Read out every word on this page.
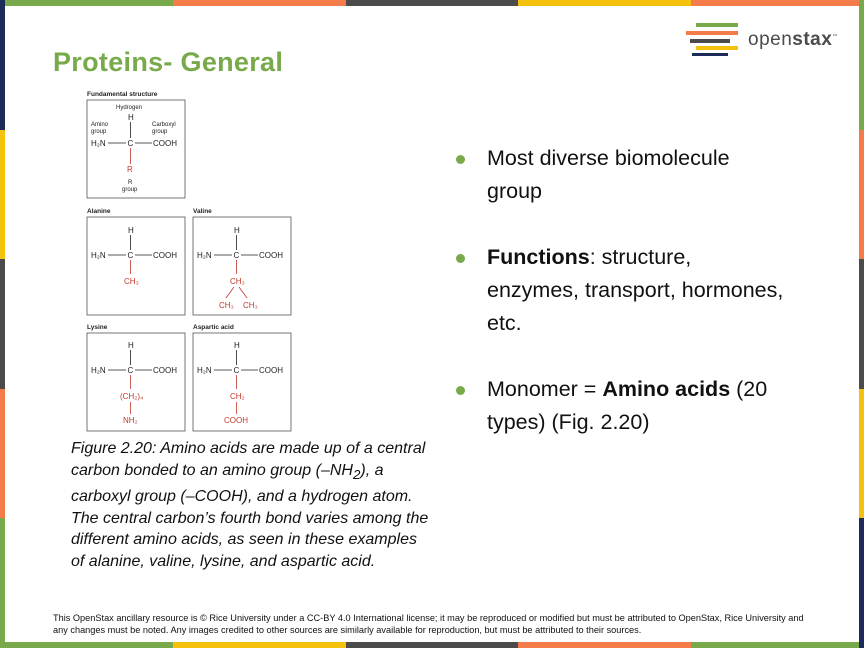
openstax™
Proteins- General
Fundamental structure
Hydrogen
H
Amino
group
Carboxyl
group
H₂N	C COOH
R
R
group
Alanine
H
H₂N	C COOH
CH₃
Valine
H
H₂N	C COOH
CH₃
CH₃ CH₃
Lysine
H
H₂N	C COOH
(CH₂)₄
NH₂
Aspartic acid
H
H₂N	C COOH
CH₂
COOH
Figure 2.20: Amino acids are made up of a central carbon bonded to an amino group $(-NH_2)$, a carboxyl group (–COOH), and a hydrogen atom. The central carbon’s fourth bond varies among the different amino acids, as seen in these examples of alanine, valine, lysine, and aspartic acid.
Most diverse biomolecule group
Functions: structure, enzymes, transport, hormones, etc.
Monomer = Amino acids (20 types) (Fig. 2.20)
This OpenStax ancillary resource is © Rice University under a CC-BY 4.0 International license; it may be reproduced or modified but must be attributed to OpenStax, Rice University and any changes must be noted. Any images credited to other sources are similarly available for reproduction, but must be attributed to their sources.
